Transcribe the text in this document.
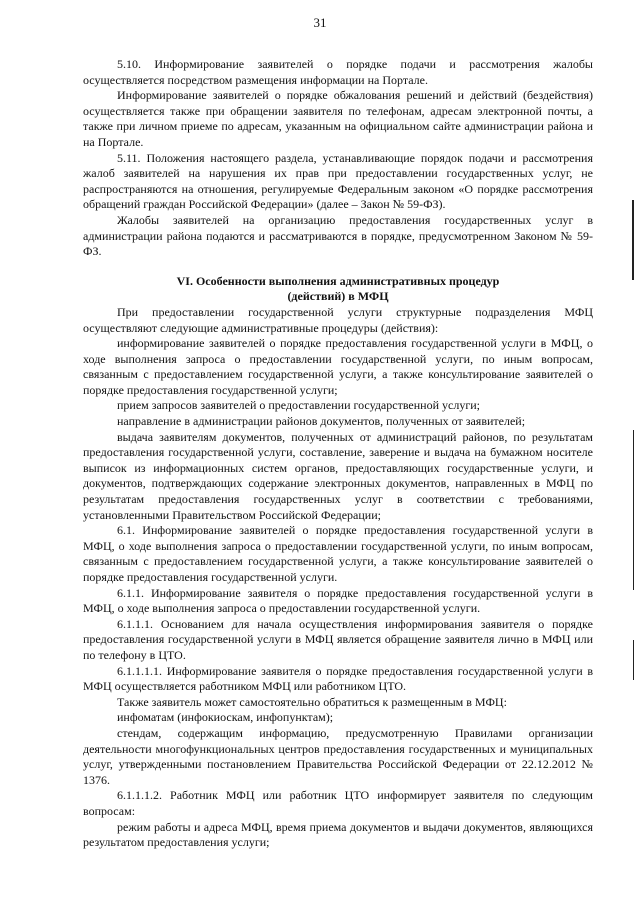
31

5.10. Информирование заявителей о порядке подачи и рассмотрения жалобы осуществляется посредством размещения информации на Портале.

Информирование заявителей о порядке обжалования решений и действий (бездействия) осуществляется также при обращении заявителя по телефонам, адресам электронной почты, а также при личном приеме по адресам, указанным на официальном сайте администрации района и на Портале.

5.11. Положения настоящего раздела, устанавливающие порядок подачи и рассмотрения жалоб заявителей на нарушения их прав при предоставлении государственных услуг, не распространяются на отношения, регулируемые Федеральным законом «О порядке рассмотрения обращений граждан Российской Федерации» (далее – Закон № 59-ФЗ).

Жалобы заявителей на организацию предоставления государственных услуг в администрации района подаются и рассматриваются в порядке, предусмотренном Законом № 59-ФЗ.

VI. Особенности выполнения административных процедур

(действий) в МФЦ

При предоставлении государственной услуги структурные подразделения МФЦ осуществляют следующие административные процедуры (действия):

информирование заявителей о порядке предоставления государственной услуги в МФЦ, о ходе выполнения запроса о предоставлении государственной услуги, по иным вопросам, связанным с предоставлением государственной услуги, а также консультирование заявителей о порядке предоставления государственной услуги;

прием запросов заявителей о предоставлении государственной услуги;

направление в администрации районов документов, полученных от заявителей;

выдача заявителям документов, полученных от администраций районов, по результатам предоставления государственной услуги, составление, заверение и выдача на бумажном носителе выписок из информационных систем органов, предоставляющих государственные услуги, и документов, подтверждающих содержание электронных документов, направленных в МФЦ по результатам предоставления государственных услуг в соответствии с требованиями, установленными Правительством Российской Федерации;

6.1. Информирование заявителей о порядке предоставления государственной услуги в МФЦ, о ходе выполнения запроса о предоставлении государственной услуги, по иным вопросам, связанным с предоставлением государственной услуги, а также консультирование заявителей о порядке предоставления государственной услуги.

6.1.1. Информирование заявителя о порядке предоставления государственной услуги в МФЦ, о ходе выполнения запроса о предоставлении государственной услуги.

6.1.1.1. Основанием для начала осуществления информирования заявителя о порядке предоставления государственной услуги в МФЦ является обращение заявителя лично в МФЦ или по телефону в ЦТО.

6.1.1.1.1. Информирование заявителя о порядке предоставления государственной услуги в МФЦ осуществляется работником МФЦ или работником ЦТО.

Также заявитель может самостоятельно обратиться к размещенным в МФЦ:

инфоматам (инфокиоскам, инфопунктам);

стендам, содержащим информацию, предусмотренную Правилами организации деятельности многофункциональных центров предоставления государственных и муниципальных услуг, утвержденными постановлением Правительства Российской Федерации от 22.12.2012 № 1376.

6.1.1.1.2. Работник МФЦ или работник ЦТО информирует заявителя по следующим вопросам:

режим работы и адреса МФЦ, время приема документов и выдачи документов, являющихся результатом предоставления услуги;
